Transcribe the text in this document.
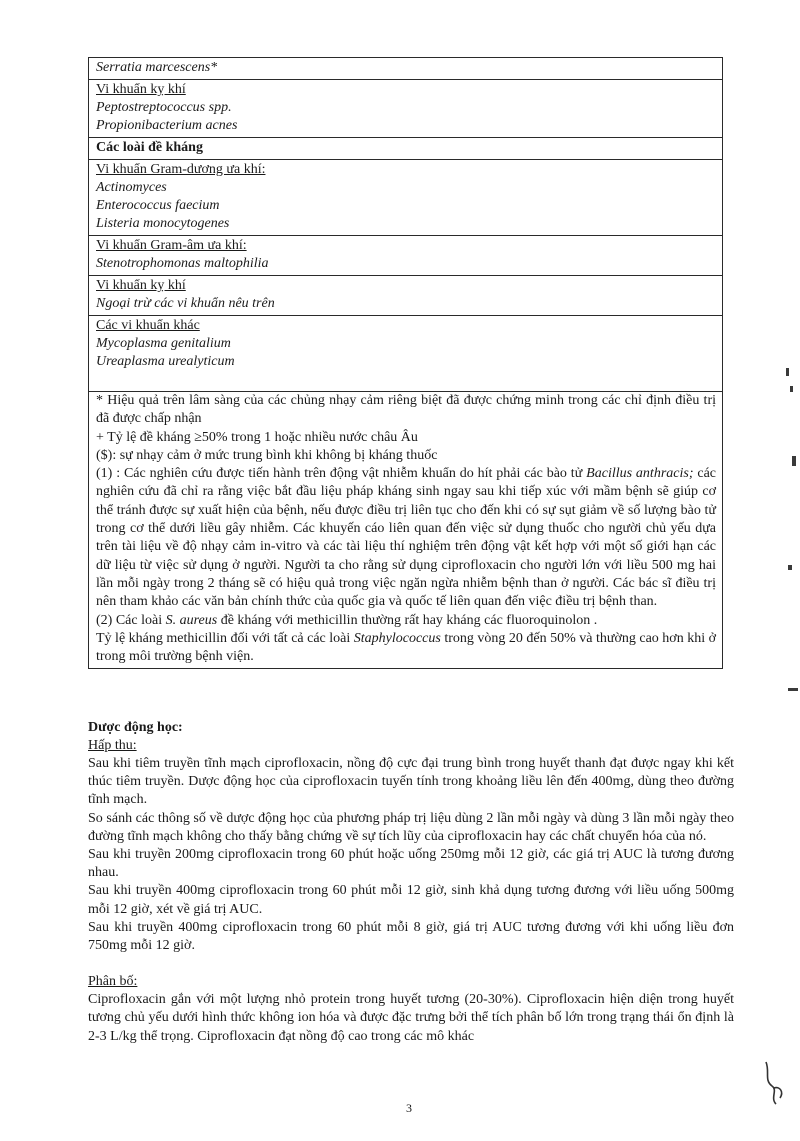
Serratia marcescens*
Vi khuẩn kỵ khí
Peptostreptococcus spp.
Propionibacterium acnes
Các loài đề kháng
Vi khuẩn Gram-dương ưa khí:
Actinomyces
Enterococcus faecium
Listeria monocytogenes
Vi khuẩn Gram-âm ưa khí:
Stenotrophomonas maltophilia
Vi khuẩn kỵ khí
Ngoại trừ các vi khuẩn nêu trên
Các vi khuẩn khác
Mycoplasma genitalium
Ureaplasma urealyticum

* Hiệu quả trên lâm sàng của các chủng nhạy cảm riêng biệt đã được chứng minh trong các chỉ định điều trị đã được chấp nhận

+ Tỷ lệ đề kháng ≥50% trong 1 hoặc nhiều nước châu Âu

($): sự nhạy cảm ở mức trung bình khi không bị kháng thuốc

(1) : Các nghiên cứu được tiến hành trên động vật nhiễm khuẩn do hít phải các bào tử Bacillus anthracis; các nghiên cứu đã chỉ ra rằng việc bắt đầu liệu pháp kháng sinh ngay sau khi tiếp xúc với mầm bệnh sẽ giúp cơ thể tránh được sự xuất hiện của bệnh, nếu được điều trị liên tục cho đến khi có sự sụt giảm về số lượng bào tử trong cơ thể dưới liều gây nhiễm. Các khuyến cáo liên quan đến việc sử dụng thuốc cho người chủ yếu dựa trên tài liệu về độ nhạy cảm in-vitro và các tài liệu thí nghiệm trên động vật kết hợp với một số giới hạn các dữ liệu từ việc sử dụng ở người. Người ta cho rằng sử dụng ciprofloxacin cho người lớn với liều 500 mg hai lần mỗi ngày trong 2 tháng sẽ có hiệu quả trong việc ngăn ngừa nhiễm bệnh than ở người. Các bác sĩ điều trị nên tham khảo các văn bản chính thức của quốc gia và quốc tế liên quan đến việc điều trị bệnh than.

(2) Các loài S. aureus đề kháng với methicillin thường rất hay kháng các fluoroquinolon .

Tỷ lệ kháng methicillin đối với tất cả các loài Staphylococcus trong vòng 20 đến 50% và thường cao hơn khi ở trong môi trường bệnh viện.

Dược động học:
Hấp thu:

Sau khi tiêm truyền tĩnh mạch ciprofloxacin, nồng độ cực đại trung bình trong huyết thanh đạt được ngay khi kết thúc tiêm truyền. Dược động học của ciprofloxacin tuyến tính trong khoảng liều lên đến 400mg, dùng theo đường tĩnh mạch.

So sánh các thông số về dược động học của phương pháp trị liệu dùng 2 lần mỗi ngày và dùng 3 lần mỗi ngày theo đường tĩnh mạch không cho thấy bằng chứng về sự tích lũy của ciprofloxacin hay các chất chuyển hóa của nó.

Sau khi truyền 200mg ciprofloxacin trong 60 phút hoặc uống 250mg mỗi 12 giờ, các giá trị AUC là tương đương nhau.

Sau khi truyền 400mg ciprofloxacin trong 60 phút mỗi 12 giờ, sinh khả dụng tương đương với liều uống 500mg mỗi 12 giờ, xét về giá trị AUC.

Sau khi truyền 400mg ciprofloxacin trong 60 phút mỗi 8 giờ, giá trị AUC tương đương với khi uống liều đơn 750mg mỗi 12 giờ.

Phân bố:

Ciprofloxacin gắn với một lượng nhỏ protein trong huyết tương (20-30%). Ciprofloxacin hiện diện trong huyết tương chủ yếu dưới hình thức không ion hóa và được đặc trưng bởi thể tích phân bố lớn trong trạng thái ổn định là 2-3 L/kg thể trọng. Ciprofloxacin đạt nồng độ cao trong các mô khác

3
